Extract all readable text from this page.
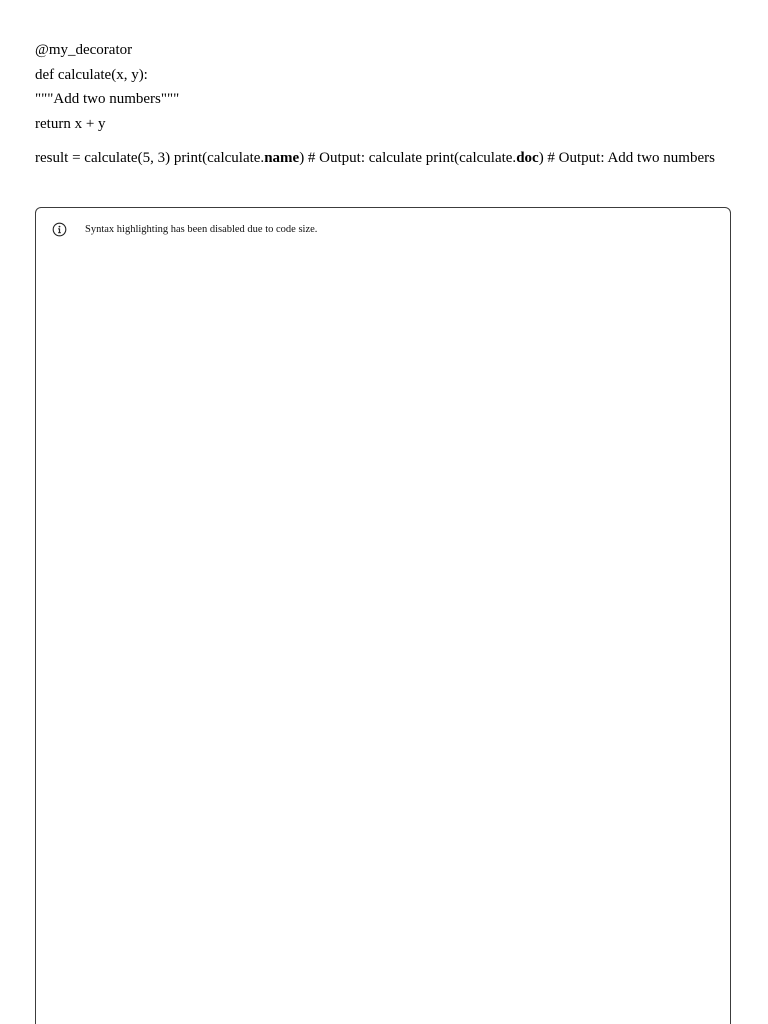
@my_decorator
def calculate(x, y):
"""Add two numbers"""
return x + y
result = calculate(5, 3) print(calculate.name) # Output: calculate print(calculate.doc) # Output: Add two numbers
Syntax highlighting has been disabled due to code size.
